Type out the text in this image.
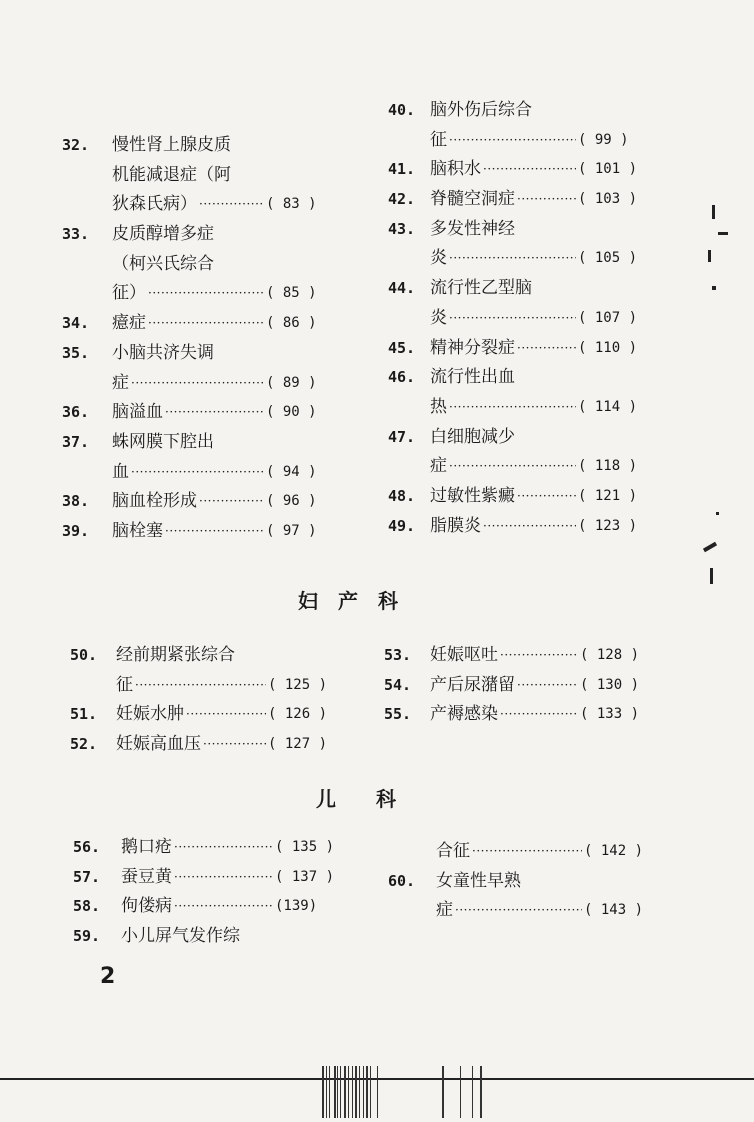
32. 慢性肾上腺皮质
机能减退症（阿
狄森氏病） ·····	( 83 )
33. 皮质醇增多症
（柯兴氏综合
征） ·····	( 85 )
34. 癔症 ·····	( 86 )
35. 小脑共济失调
症 ·····	( 89 )
36. 脑溢血 ·····	( 90 )
37. 蛛网膜下腔出
血 ·····	( 94 )
38. 脑血栓形成 ·····	( 96 )
39. 脑栓塞 ·····	( 97 )
40. 脑外伤后综合
征 ·····	( 99 )
41. 脑积水 ·····	( 101 )
42. 脊髓空洞症 ·····	( 103 )
43. 多发性神经
炎 ·····	( 105 )
44. 流行性乙型脑
炎 ·····	( 107 )
45. 精神分裂症 ·····	( 110 )
46. 流行性出血
热 ·····	( 114 )
47. 白细胞减少
症 ·····	( 118 )
48. 过敏性紫癜 ·····	( 121 )
49. 脂膜炎 ·····	( 123 )
妇　产　科
50. 经前期紧张综合
征 ·····	( 125 )
51. 妊娠水肿 ·····	( 126 )
52. 妊娠高血压 ·····	( 127 )
53. 妊娠呕吐 ·····	( 128 )
54. 产后尿潴留 ·····	( 130 )
55. 产褥感染 ·····	( 133 )
儿　　科
56. 鹅口疮 ·····	( 135 )
57. 蚕豆黄 ·····	( 137 )
58. 佝偻病 ·····	(139)
59. 小儿屏气发作综
合征 ·····	( 142 )
60. 女童性早熟
症 ·····	( 143 )
2
